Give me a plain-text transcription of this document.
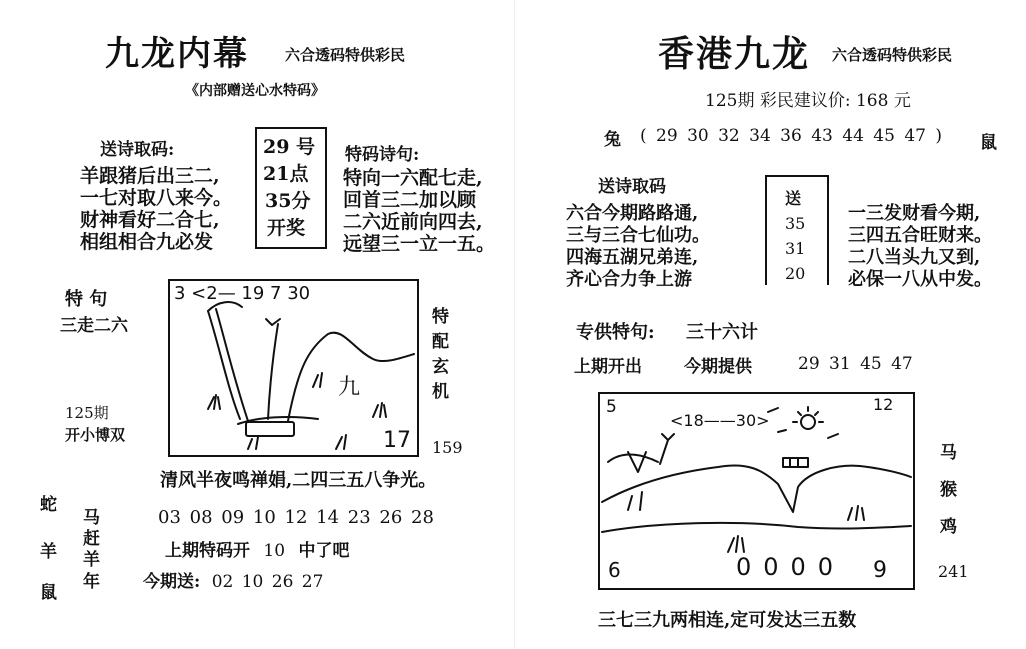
九龙内幕 六合透码特供彩民
《内部赠送心水特码》
送诗取码:
羊跟猪后出三二,
一七对取八来今。
财神看好二合七,
相组相合九必发
29 号
21点
35分
开奖
特码诗句:
特向一六配七走,
回首三二加以顾
二六近前向四去,
远望三一立一五。
特 句
三走二六
125期
开小博双
3 <2— 19 7 30
九
17
特
配
玄
机
159
清风半夜鸣禅娟,二四三五八争光。
蛇
羊
鼠
马
赶
羊
年
03 08 09 10 12 14 23 26 28
上期特码开 10 中了吧
今期送: 02 10 26 27
香港九龙 六合透码特供彩民
125期 彩民建议价: 168 元
兔 ( 29 30 32 34 36 43 44 45 47 ) 鼠
送诗取码
六合今期路路通,
三与三合七仙功。
四海五湖兄弟连,
齐心合力争上游
送
35
31
20
一三发财看今期,
三四五合旺财来。
二八当头九又到,
必保一八从中发。
专供特句: 三十六计
上期开出 今期提供	29 31 45 47
5
<18——30>
12
6	0000 9
马
猴
鸡
241
三七三九两相连,定可发达三五数
